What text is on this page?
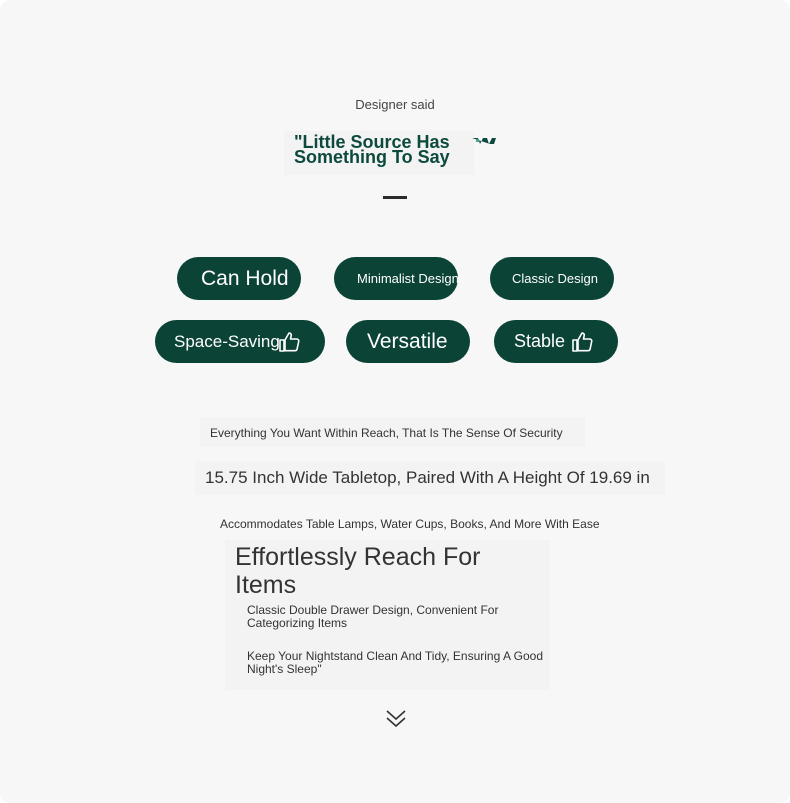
Designer said
"Little Source Has Something To Say
Can Hold	Minimalist Design	Classic Design
Space-Saving	Versatile	Stable
Everything You Want Within Reach, That Is The Sense Of Security
15.75 Inch Wide Tabletop, Paired With A Height Of 19.69 in
Accommodates Table Lamps, Water Cups, Books, And More With Ease
Effortlessly Reach For Items
Classic Double Drawer Design, Convenient For Categorizing Items
Keep Your Nightstand Clean And Tidy, Ensuring A Good Night's Sleep"
